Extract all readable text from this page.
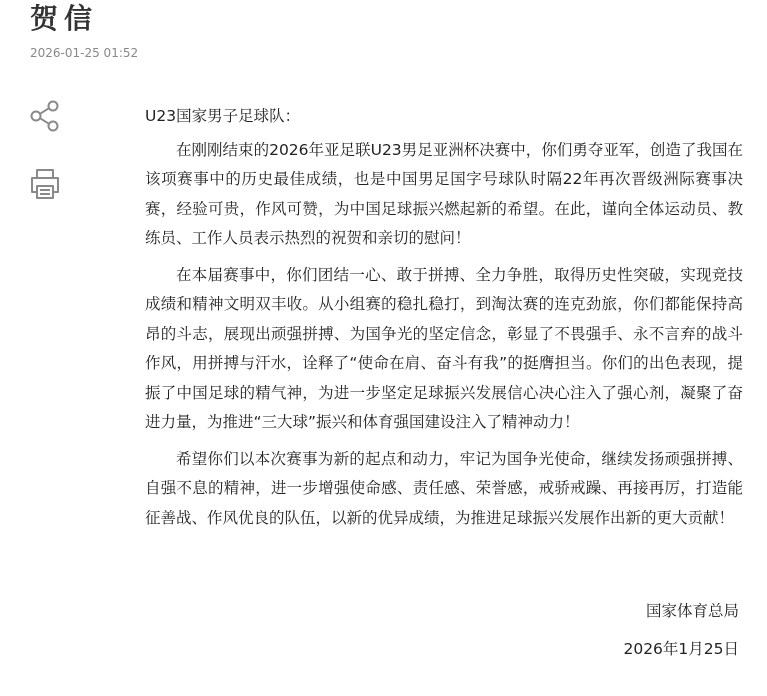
贺信
2026-01-25 01:52

U23国家男子足球队：

在刚刚结束的2026年亚足联U23男足亚洲杯决赛中，你们勇夺亚军，创造了我国在该项赛事中的历史最佳成绩，也是中国男足国字号球队时隔22年再次晋级洲际赛事决赛，经验可贵，作风可赞，为中国足球振兴燃起新的希望。在此，谨向全体运动员、教练员、工作人员表示热烈的祝贺和亲切的慰问！

在本届赛事中，你们团结一心、敢于拼搏、全力争胜，取得历史性突破，实现竞技成绩和精神文明双丰收。从小组赛的稳扎稳打，到淘汰赛的连克劲旅，你们都能保持高昂的斗志，展现出顽强拼搏、为国争光的坚定信念，彰显了不畏强手、永不言弃的战斗作风，用拼搏与汗水，诠释了“使命在肩、奋斗有我”的挺膺担当。你们的出色表现，提振了中国足球的精气神，为进一步坚定足球振兴发展信心决心注入了强心剂，凝聚了奋进力量，为推进“三大球”振兴和体育强国建设注入了精神动力！

希望你们以本次赛事为新的起点和动力，牢记为国争光使命，继续发扬顽强拼搏、自强不息的精神，进一步增强使命感、责任感、荣誉感，戒骄戒躁、再接再厉，打造能征善战、作风优良的队伍，以新的优异成绩，为推进足球振兴发展作出新的更大贡献！

国家体育总局
2026年1月25日
